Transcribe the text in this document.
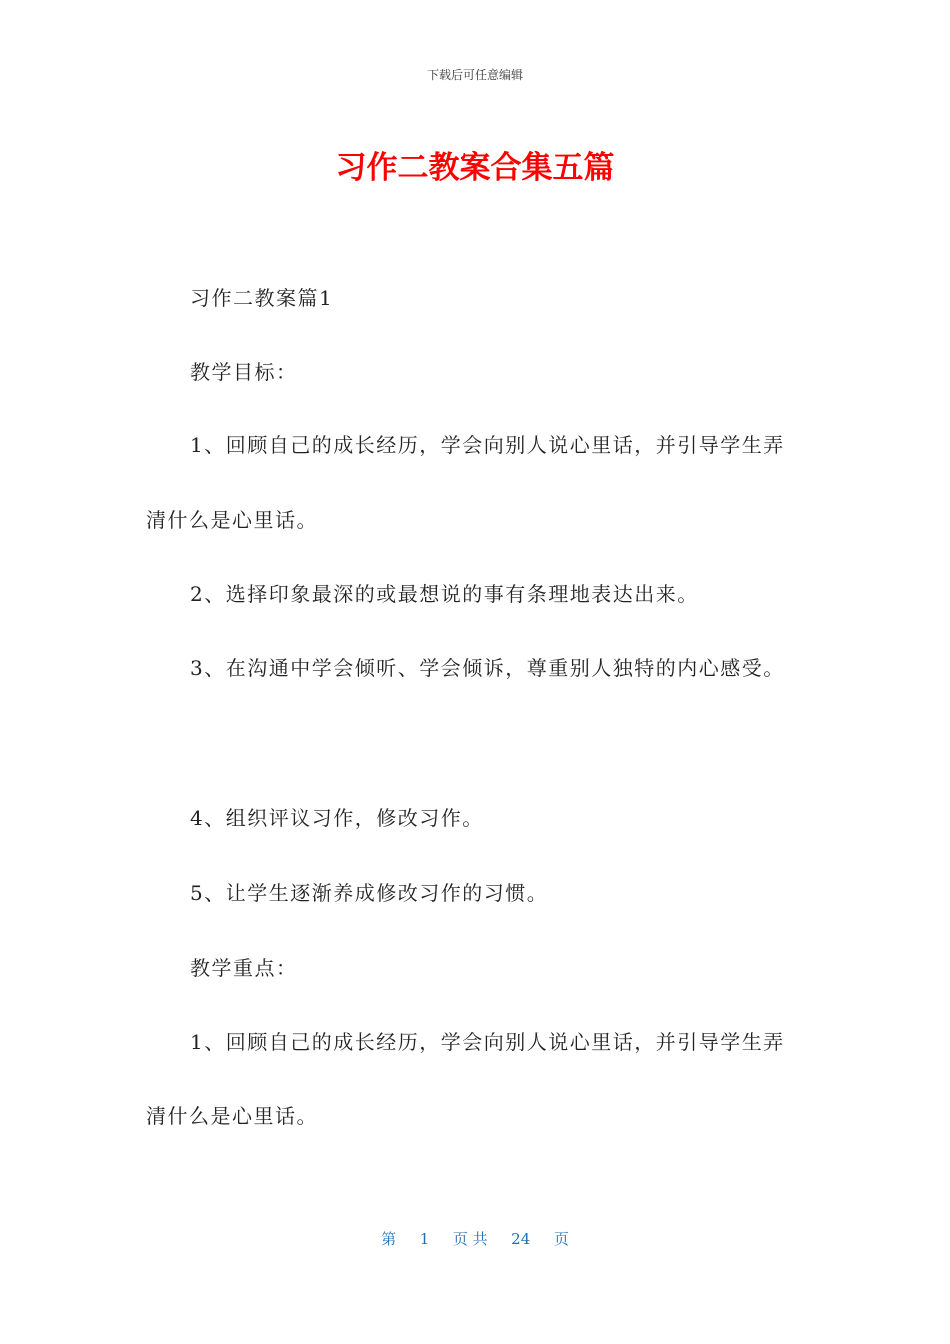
下载后可任意编辑
习作二教案合集五篇
习作二教案篇1
教学目标：
1、回顾自己的成长经历，学会向别人说心里话，并引导学生弄
清什么是心里话。
2、选择印象最深的或最想说的事有条理地表达出来。
3、在沟通中学会倾听、学会倾诉，尊重别人独特的内心感受。
4、组织评议习作，修改习作。
5、让学生逐渐养成修改习作的习惯。
教学重点：
1、回顾自己的成长经历，学会向别人说心里话，并引导学生弄
清什么是心里话。
第 1 页 共 24 页
